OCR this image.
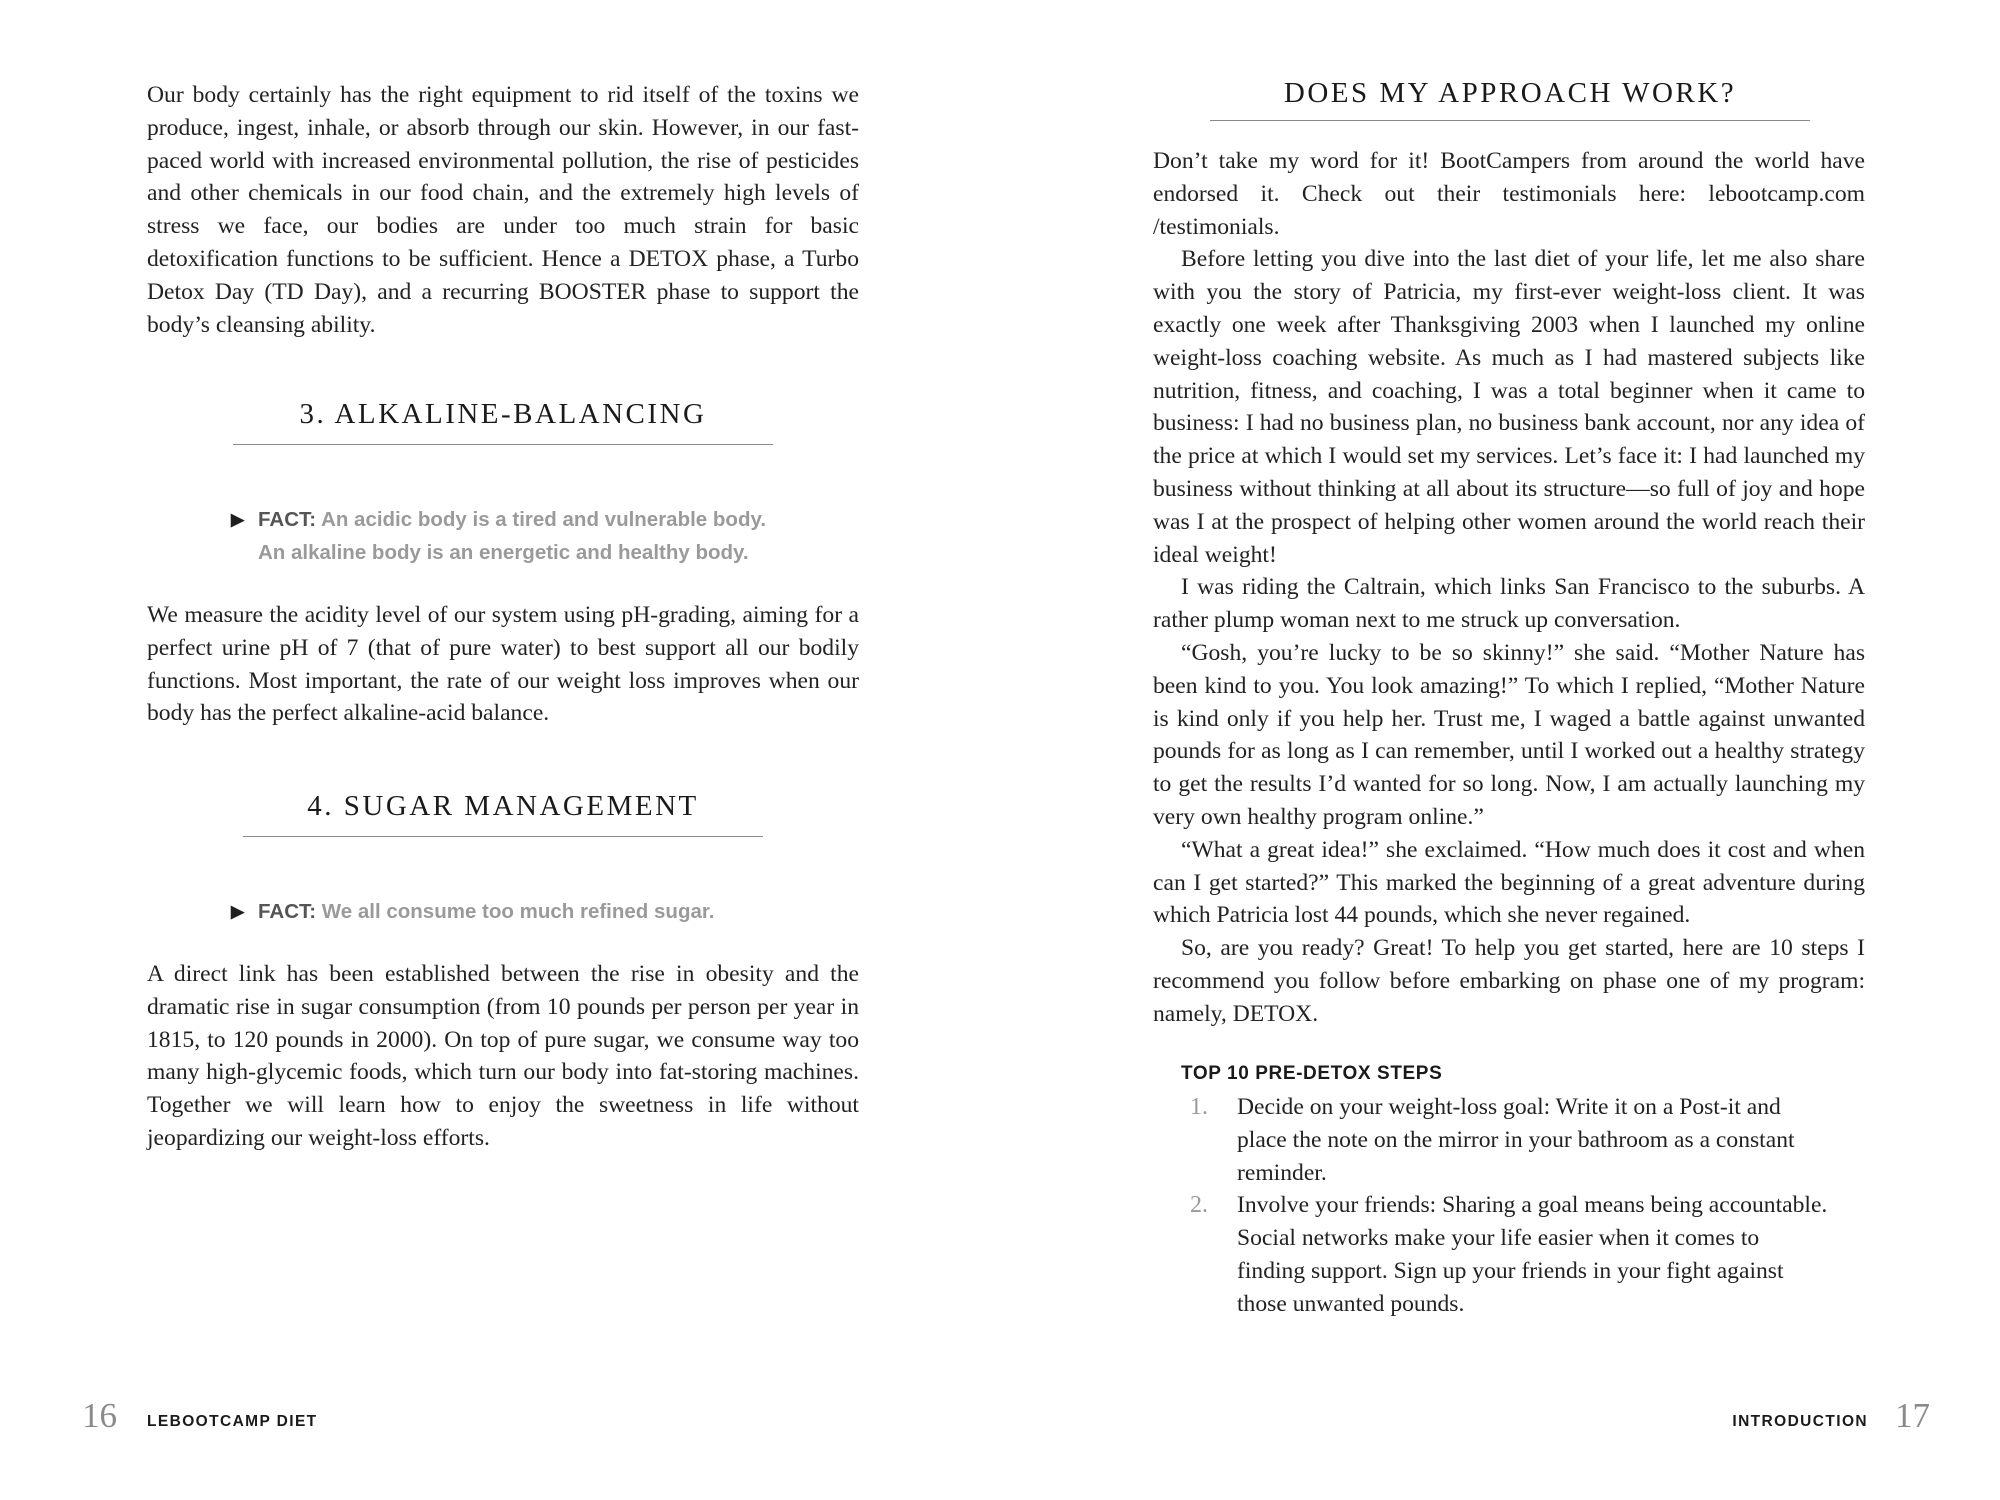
Our body certainly has the right equipment to rid itself of the toxins we produce, ingest, inhale, or absorb through our skin. However, in our fast-paced world with increased environmental pollution, the rise of pesticides and other chemicals in our food chain, and the extremely high levels of stress we face, our bodies are under too much strain for basic detoxification functions to be sufficient. Hence a DETOX phase, a Turbo Detox Day (TD Day), and a recurring BOOSTER phase to support the body’s cleansing ability.

3. ALKALINE-BALANCING
▶ FACT: An acidic body is a tired and vulnerable body.
An alkaline body is an energetic and healthy body.

We measure the acidity level of our system using pH-grading, aiming for a perfect urine pH of 7 (that of pure water) to best support all our bodily functions. Most important, the rate of our weight loss improves when our body has the perfect alkaline-acid balance.

4. SUGAR MANAGEMENT
▶ FACT: We all consume too much refined sugar.

A direct link has been established between the rise in obesity and the dramatic rise in sugar consumption (from 10 pounds per person per year in 1815, to 120 pounds in 2000). On top of pure sugar, we consume way too many high-glycemic foods, which turn our body into fat-storing machines. Together we will learn how to enjoy the sweetness in life without jeopardizing our weight-loss efforts.

16 LEBOOTCAMP DIET
DOES MY APPROACH WORK?

Don’t take my word for it! BootCampers from around the world have endorsed it. Check out their testimonials here: lebootcamp.com /testimonials.

Before letting you dive into the last diet of your life, let me also share with you the story of Patricia, my first-ever weight-loss client. It was exactly one week after Thanksgiving 2003 when I launched my online weight-loss coaching website. As much as I had mastered subjects like nutrition, fitness, and coaching, I was a total beginner when it came to business: I had no business plan, no business bank account, nor any idea of the price at which I would set my services. Let’s face it: I had launched my business without thinking at all about its structure—so full of joy and hope was I at the prospect of helping other women around the world reach their ideal weight!

I was riding the Caltrain, which links San Francisco to the suburbs. A rather plump woman next to me struck up conversation.

“Gosh, you’re lucky to be so skinny!” she said. “Mother Nature has been kind to you. You look amazing!” To which I replied, “Mother Nature is kind only if you help her. Trust me, I waged a battle against unwanted pounds for as long as I can remember, until I worked out a healthy strategy to get the results I’d wanted for so long. Now, I am actually launching my very own healthy program online.”

“What a great idea!” she exclaimed. “How much does it cost and when can I get started?” This marked the beginning of a great adventure during which Patricia lost 44 pounds, which she never regained.

So, are you ready? Great! To help you get started, here are 10 steps I recommend you follow before embarking on phase one of my program: namely, DETOX.

TOP 10 PRE-DETOX STEPS
1. Decide on your weight-loss goal: Write it on a Post-it and place the note on the mirror in your bathroom as a constant reminder.
2. Involve your friends: Sharing a goal means being accountable. Social networks make your life easier when it comes to finding support. Sign up your friends in your fight against those unwanted pounds.
INTRODUCTION 17
